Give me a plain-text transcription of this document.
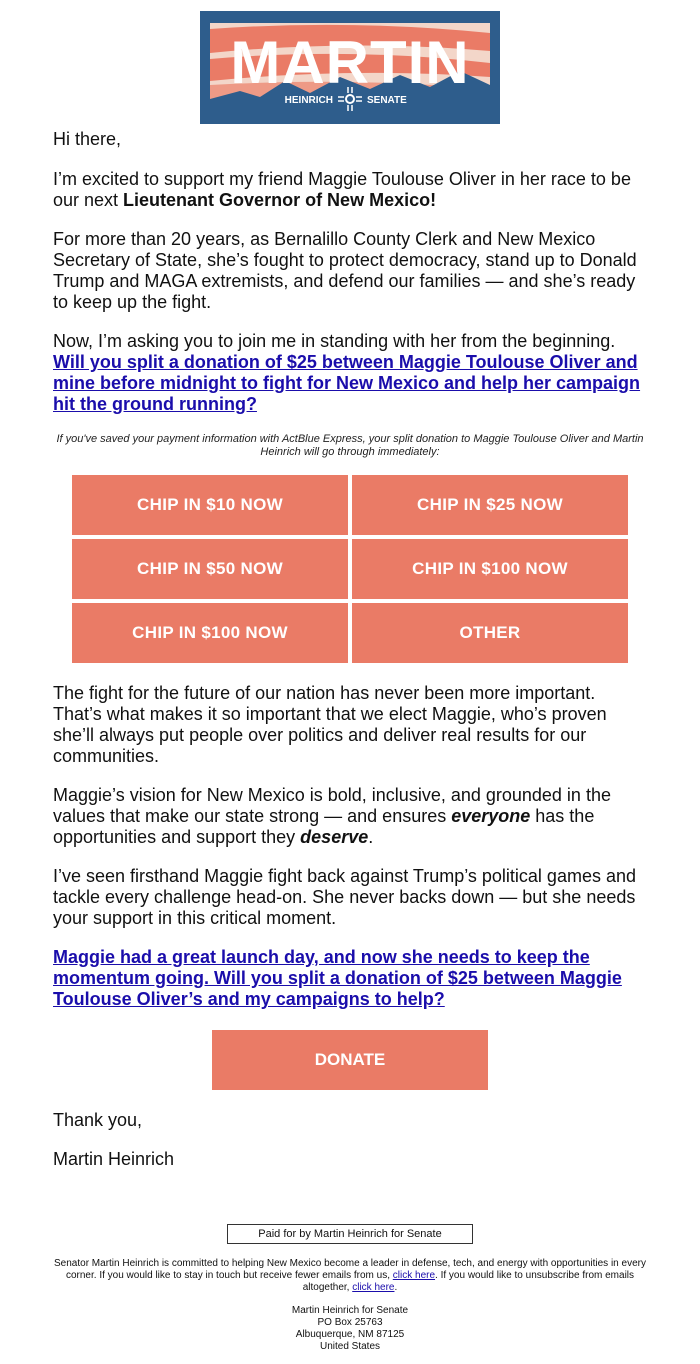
MARTIN
HEINRICH	SENATE

Hi there,

I’m excited to support my friend Maggie Toulouse Oliver in her race to be our next Lieutenant Governor of New Mexico!

For more than 20 years, as Bernalillo County Clerk and New Mexico Secretary of State, she’s fought to protect democracy, stand up to Donald Trump and MAGA extremists, and defend our families — and she’s ready to keep up the fight.

Now, I’m asking you to join me in standing with her from the beginning. Will you split a donation of $25 between Maggie Toulouse Oliver and mine before midnight to fight for New Mexico and help her campaign hit the ground running?

If you've saved your payment information with ActBlue Express, your split donation to Maggie Toulouse Oliver and Martin Heinrich will go through immediately:
CHIP IN $10 NOW	CHIP IN $25 NOW
CHIP IN $50 NOW	CHIP IN $100 NOW
CHIP IN $100 NOW	OTHER

The fight for the future of our nation has never been more important. That’s what makes it so important that we elect Maggie, who’s proven she’ll always put people over politics and deliver real results for our communities.

Maggie’s vision for New Mexico is bold, inclusive, and grounded in the values that make our state strong — and ensures everyone has the opportunities and support they deserve.

I’ve seen firsthand Maggie fight back against Trump’s political games and tackle every challenge head-on. She never backs down — but she needs your support in this critical moment.

Maggie had a great launch day, and now she needs to keep the momentum going. Will you split a donation of $25 between Maggie Toulouse Oliver’s and my campaigns to help?

DONATE

Thank you,

Martin Heinrich

Paid for by Martin Heinrich for Senate
Senator Martin Heinrich is committed to helping New Mexico become a leader in defense, tech, and energy with opportunities in every corner. If you would like to stay in touch but receive fewer emails from us, click here. If you would like to unsubscribe from emails altogether, click here.
Martin Heinrich for Senate
PO Box 25763
Albuquerque, NM 87125
United States
